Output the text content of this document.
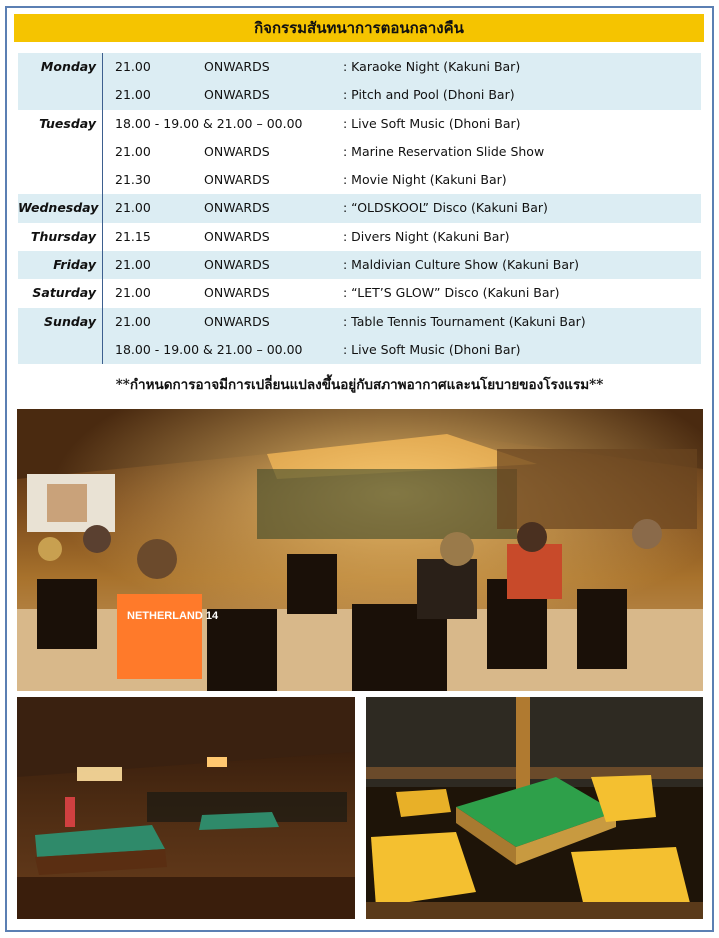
กิจกรรมสันทนาการตอนกลางคืน
Monday 21.00	ONWARDS	: Karaoke Night (Kakuni Bar)
21.00	ONWARDS	: Pitch and Pool (Dhoni Bar)
Tuesday 18.00 - 19.00 & 21.00 – 00.00	: Live Soft Music (Dhoni Bar)
21.00	ONWARDS	: Marine Reservation Slide Show
21.30	ONWARDS	: Movie Night (Kakuni Bar)
Wednesday 21.00	ONWARDS	: “OLDSKOOL” Disco (Kakuni Bar)
Thursday 21.15	ONWARDS	: Divers Night (Kakuni Bar)
Friday 21.00	ONWARDS	: Maldivian Culture Show (Kakuni Bar)
Saturday 21.00	ONWARDS	: “LET’S GLOW” Disco (Kakuni Bar)
Sunday 21.00	ONWARDS	: Table Tennis Tournament (Kakuni Bar)
18.00 - 19.00 & 21.00 – 00.00	: Live Soft Music (Dhoni Bar)
**กำหนดการอาจมีการเปลี่ยนแปลงขึ้นอยู่กับสภาพอากาศและนโยบายของโรงแรม**
NETHERLAND 14
